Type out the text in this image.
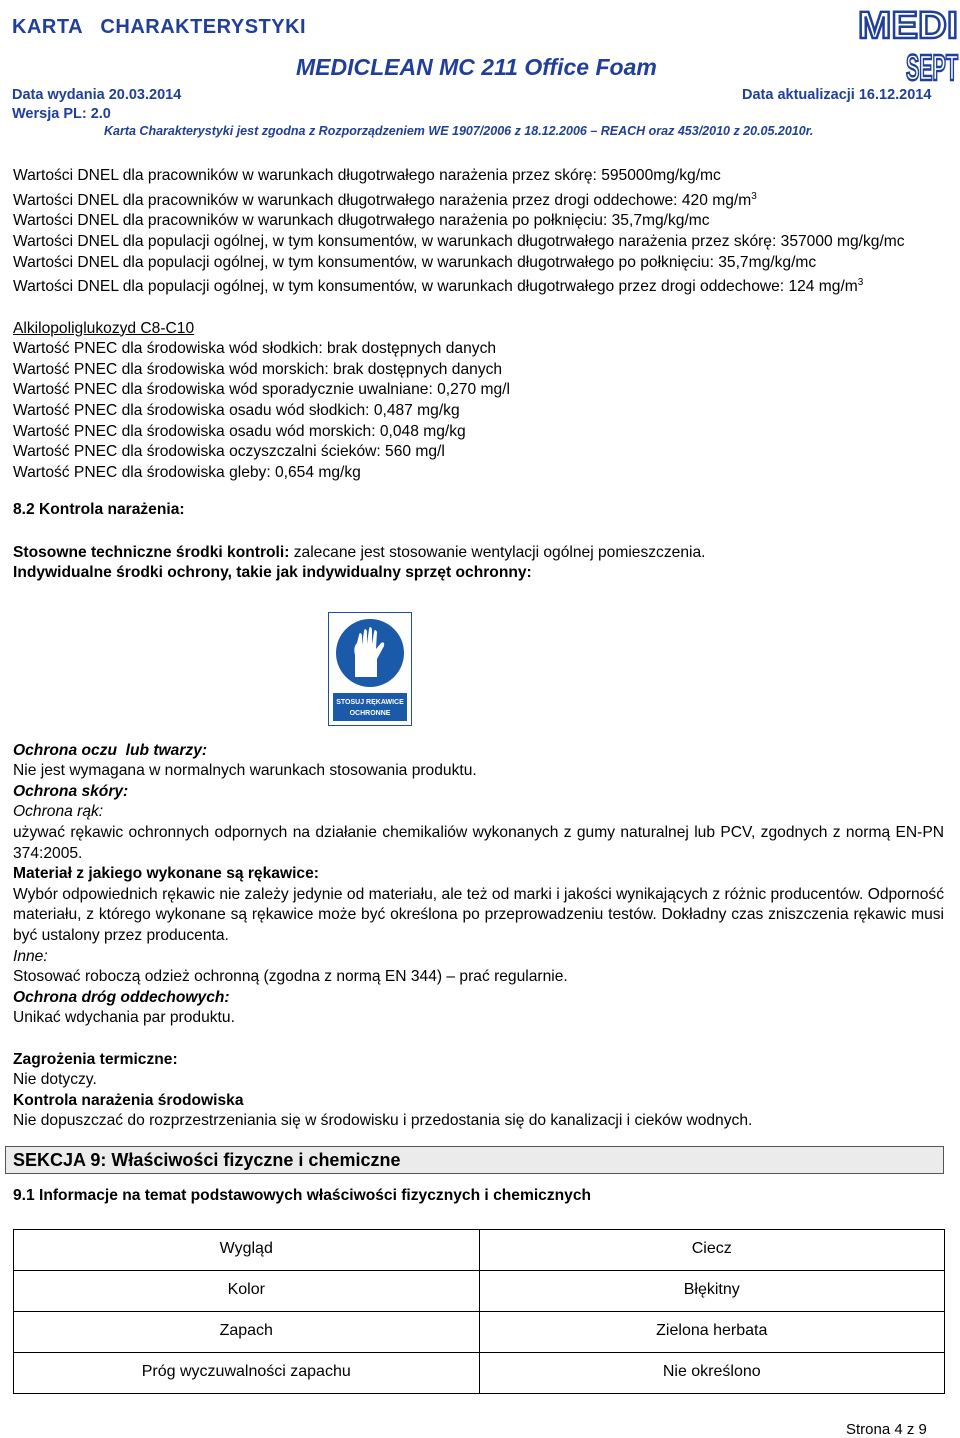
KARTA   CHARAKTERYSTYKI
MEDICLEAN MC 211 Office Foam
Data wydania 20.03.2014	Data aktualizacji 16.12.2014
Wersja PL: 2.0
Karta Charakterystyki jest zgodna z Rozporządzeniem WE 1907/2006 z 18.12.2006 – REACH oraz 453/2010 z 20.05.2010r.
MEDI
SEPT

Wartości DNEL dla pracowników w warunkach długotrwałego narażenia przez skórę: 595000mg/kg/mc

Wartości DNEL dla pracowników w warunkach długotrwałego narażenia przez drogi oddechowe: 420 $mg/m^3$

Wartości DNEL dla pracowników w warunkach długotrwałego narażenia po połknięciu: 35,7mg/kg/mc

Wartości DNEL dla populacji ogólnej, w tym konsumentów, w warunkach długotrwałego narażenia przez skórę: 357000 mg/kg/mc

Wartości DNEL dla populacji ogólnej, w tym konsumentów, w warunkach długotrwałego po połknięciu: 35,7mg/kg/mc

Wartości DNEL dla populacji ogólnej, w tym konsumentów, w warunkach długotrwałego przez drogi oddechowe: 124 $mg/m^3$

Alkilopoliglukozyd C8-C10

Wartość PNEC dla środowiska wód słodkich: brak dostępnych danych

Wartość PNEC dla środowiska wód morskich: brak dostępnych danych

Wartość PNEC dla środowiska wód sporadycznie uwalniane: 0,270 mg/l

Wartość PNEC dla środowiska osadu wód słodkich: 0,487 mg/kg

Wartość PNEC dla środowiska osadu wód morskich: 0,048 mg/kg

Wartość PNEC dla środowiska oczyszczalni ścieków: 560 mg/l

Wartość PNEC dla środowiska gleby: 0,654 mg/kg

8.2 Kontrola narażenia:

Stosowne techniczne środki kontroli: zalecane jest stosowanie wentylacji ogólnej pomieszczenia.

Indywidualne środki ochrony, takie jak indywidualny sprzęt ochronny:

STOSUJ RĘKAWICE
OCHRONNE

Ochrona oczu  lub twarzy:

Nie jest wymagana w normalnych warunkach stosowania produktu.

Ochrona skóry:

Ochrona rąk:

używać rękawic ochronnych odpornych na działanie chemikaliów wykonanych z gumy naturalnej lub PCV, zgodnych z normą EN-PN 374:2005.

Materiał z jakiego wykonane są rękawice:

Wybór odpowiednich rękawic nie zależy jedynie od materiału, ale też od marki i jakości wynikających z różnic producentów. Odporność materiału, z którego wykonane są rękawice może być określona po przeprowadzeniu testów. Dokładny czas zniszczenia rękawic musi być ustalony przez producenta.

Inne:

Stosować roboczą odzież ochronną (zgodna z normą EN 344) – prać regularnie.

Ochrona dróg oddechowych:

Unikać wdychania par produktu.

Zagrożenia termiczne:

Nie dotyczy.

Kontrola narażenia środowiska

Nie dopuszczać do rozprzestrzeniania się w środowisku i przedostania się do kanalizacji i cieków wodnych.

SEKCJA 9: Właściwości fizyczne i chemiczne

9.1 Informacje na temat podstawowych właściwości fizycznych i chemicznych

Wygląd	Ciecz
Kolor	Błękitny
Zapach	Zielona herbata
Próg wyczuwalności zapachu	Nie określono
Strona 4 z 9
